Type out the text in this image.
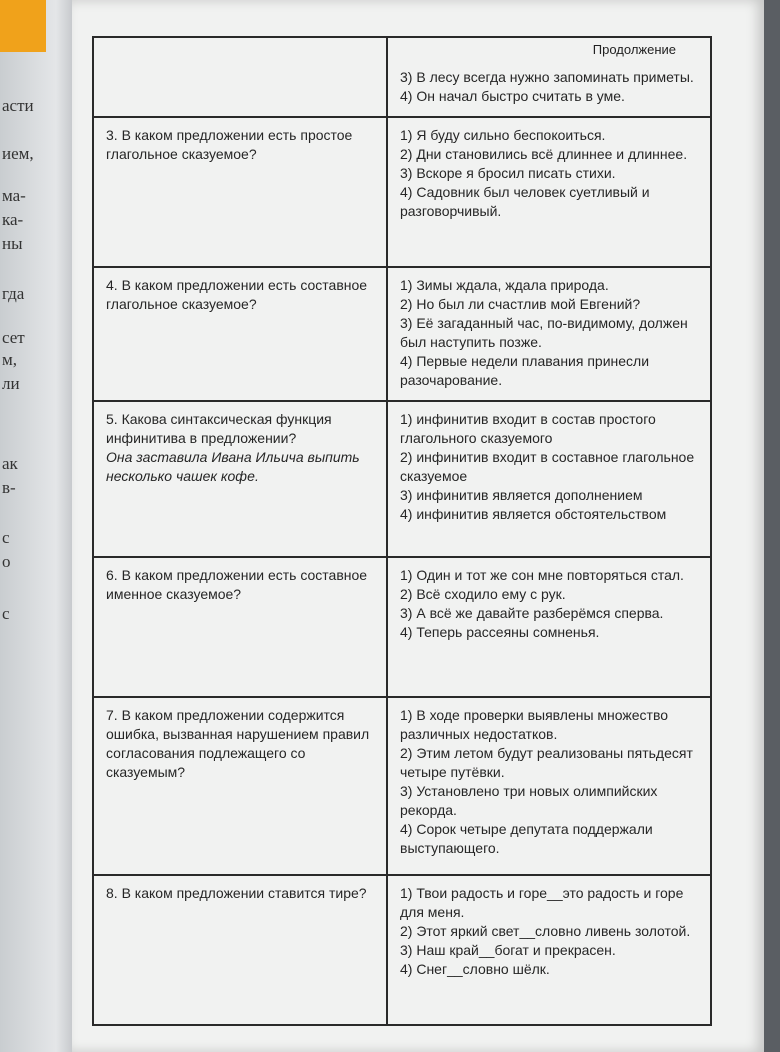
асти
ием,
ма-
ка-
ны
гда
сет
м,
ли
ак
в-
с
о
с
Продолжение

	3) В лесу всегда нужно запоминать приметы.
4) Он начал быстро считать в уме.

3. В каком предложении есть простое глагольное сказуемое?	1) Я буду сильно беспокоиться.
2) Дни становились всё длиннее и длиннее.
3) Вскоре я бросил писать стихи.
4) Садовник был человек суетливый и разговорчивый.

4. В каком предложении есть составное глагольное сказуемое?	1) Зимы ждала, ждала природа.
2) Но был ли счастлив мой Евгений?
3) Её загаданный час, по-видимому, должен был наступить позже.
4) Первые недели плавания принесли разочарование.

5. Какова синтаксическая функция инфинитива в предложении?
Она заставила Ивана Ильича выпить несколько чашек кофе.	1) инфинитив входит в состав простого глагольного сказуемого
2) инфинитив входит в составное глагольное сказуемое
3) инфинитив является дополнением
4) инфинитив является обстоятельством

6. В каком предложении есть составное именное сказуемое?	1) Один и тот же сон мне повторяться стал.
2) Всё сходило ему с рук.
3) А всё же давайте разберёмся сперва.
4) Теперь рассеяны сомненья.

7. В каком предложении содержится ошибка, вызванная нарушением правил согласования подлежащего со сказуемым?	1) В ходе проверки выявлены множество различных недостатков.
2) Этим летом будут реализованы пятьдесят четыре путёвки.
3) Установлено три новых олимпийских рекорда.
4) Сорок четыре депутата поддержали выступающего.

8. В каком предложении ставится тире?	1) Твои радость и горе__это радость и горе для меня.
2) Этот яркий свет__словно ливень золотой.
3) Наш край__богат и прекрасен.
4) Снег__словно шёлк.
